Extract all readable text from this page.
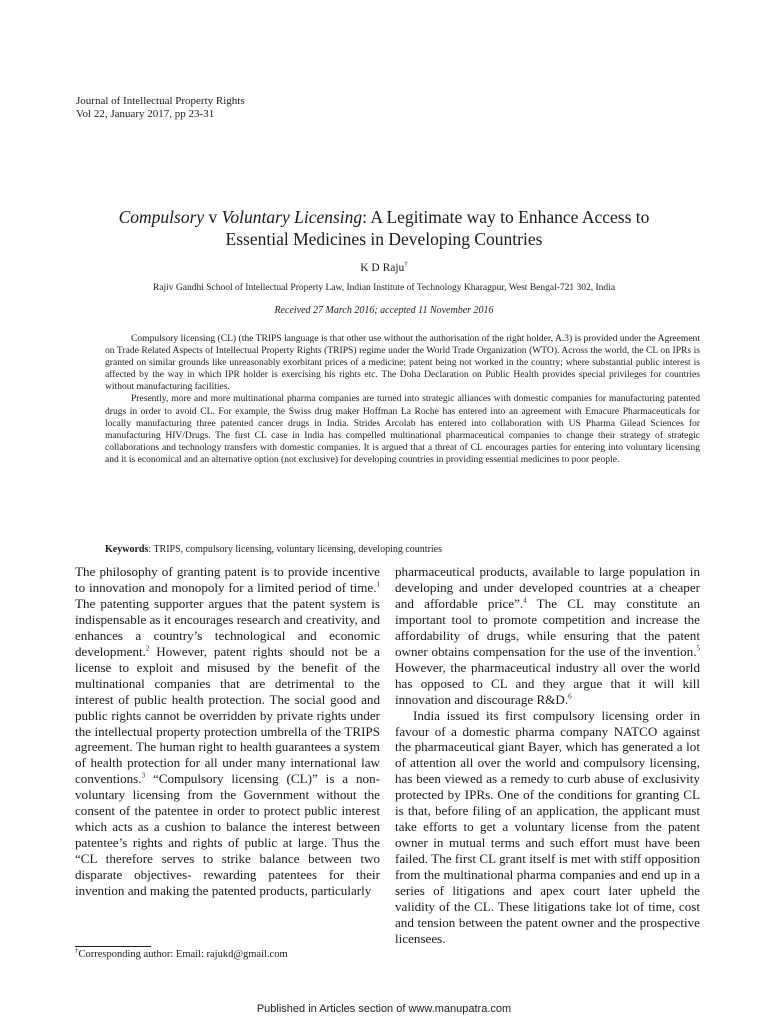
Journal of Intellectual Property Rights
Vol 22, January 2017, pp 23-31
Compulsory v Voluntary Licensing: A Legitimate way to Enhance Access to
Essential Medicines in Developing Countries
K D Raju†
Rajiv Gandhi School of Intellectual Property Law, Indian Institute of Technology Kharagpur, West Bengal-721 302, India
Received 27 March 2016; accepted 11 November 2016

Compulsory licensing (CL) (the TRIPS language is that other use without the authorisation of the right holder, A.3) is provided under the Agreement on Trade Related Aspects of Intellectual Property Rights (TRIPS) regime under the World Trade Organization (WTO). Across the world, the CL on IPRs is granted on similar grounds like unreasonably exorbitant prices of a medicine; patent being not worked in the country; where substantial public interest is affected by the way in which IPR holder is exercising his rights etc. The Doha Declaration on Public Health provides special privileges for countries without manufacturing facilities.

Presently, more and more multinational pharma companies are turned into strategic alliances with domestic companies for manufacturing patented drugs in order to avoid CL. For example, the Swiss drug maker Hoffman La Roche has entered into an agreement with Emacure Pharmaceuticals for locally manufacturing three patented cancer drugs in India. Strides Arcolab has entered into collaboration with US Pharma Gilead Sciences for manufacturing HIV/Drugs. The first CL case in India has compelled multinational pharmaceutical companies to change their strategy of strategic collaborations and technology transfers with domestic companies. It is argued that a threat of CL encourages parties for entering into voluntary licensing and it is economical and an alternative option (not exclusive) for developing countries in providing essential medicines to poor people.

Keywords: TRIPS, compulsory licensing, voluntary licensing, developing countries

The philosophy of granting patent is to provide incentive to innovation and monopoly for a limited period of time.$^1$ The patenting supporter argues that the patent system is indispensable as it encourages research and creativity, and enhances a country’s technological and economic development.$^2$ However, patent rights should not be a license to exploit and misused by the benefit of the multinational companies that are detrimental to the interest of public health protection. The social good and public rights cannot be overridden by private rights under the intellectual property protection umbrella of the TRIPS agreement. The human right to health guarantees a system of health protection for all under many international law conventions.$^3$ “Compulsory licensing (CL)” is a non-voluntary licensing from the Government without the consent of the patentee in order to protect public interest which acts as a cushion to balance the interest between patentee’s rights and rights of public at large. Thus the “CL therefore serves to strike balance between two disparate objectives- rewarding patentees for their invention and making the patented products, particularly

pharmaceutical products, available to large population in developing and under developed countries at a cheaper and affordable price”.$^4$ The CL may constitute an important tool to promote competition and increase the affordability of drugs, while ensuring that the patent owner obtains compensation for the use of the invention.$^5$ However, the pharmaceutical industry all over the world has opposed to CL and they argue that it will kill innovation and discourage R&D.$^6$

India issued its first compulsory licensing order in favour of a domestic pharma company NATCO against the pharmaceutical giant Bayer, which has generated a lot of attention all over the world and compulsory licensing, has been viewed as a remedy to curb abuse of exclusivity protected by IPRs. One of the conditions for granting CL is that, before filing of an application, the applicant must take efforts to get a voluntary license from the patent owner in mutual terms and such effort must have been failed. The first CL grant itself is met with stiff opposition from the multinational pharma companies and end up in a series of litigations and apex court later upheld the validity of the CL. These litigations take lot of time, cost and tension between the patent owner and the prospective licensees.

†Corresponding author: Email: rajukd@gmail.com
Published in Articles section of www.manupatra.com
